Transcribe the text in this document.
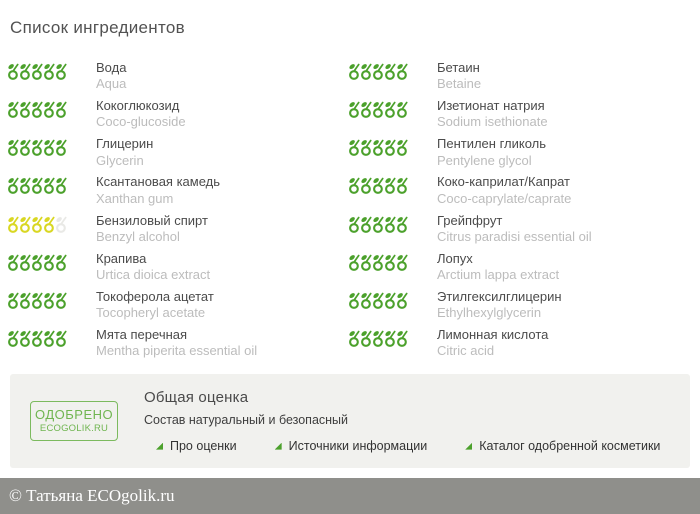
Список ингредиентов
Вода
Aqua
Кокоглюкозид
Coco-glucoside
Глицерин
Glycerin
Ксантановая камедь
Xanthan gum
Бензиловый спирт
Benzyl alcohol
Крапива
Urtica dioica extract
Токоферола ацетат
Tocopheryl acetate
Мята перечная
Mentha piperita essential oil
Бетаин
Betaine
Изетионат натрия
Sodium isethionate
Пентилен гликоль
Pentylene glycol
Коко-каприлат/Капрат
Coco-caprylate/caprate
Грейпфрут
Citrus paradisi essential oil
Лопух
Arctium lappa extract
Этилгексилглицерин
Ethylhexylglycerin
Лимонная кислота
Citric acid
ОДОБРЕНО
ECOGOLIK.RU
Общая оценка

Состав натуральный и безопасный

Про оценки	Источники информации	Каталог одобренной косметики
© Татьяна ECOgolik.ru
